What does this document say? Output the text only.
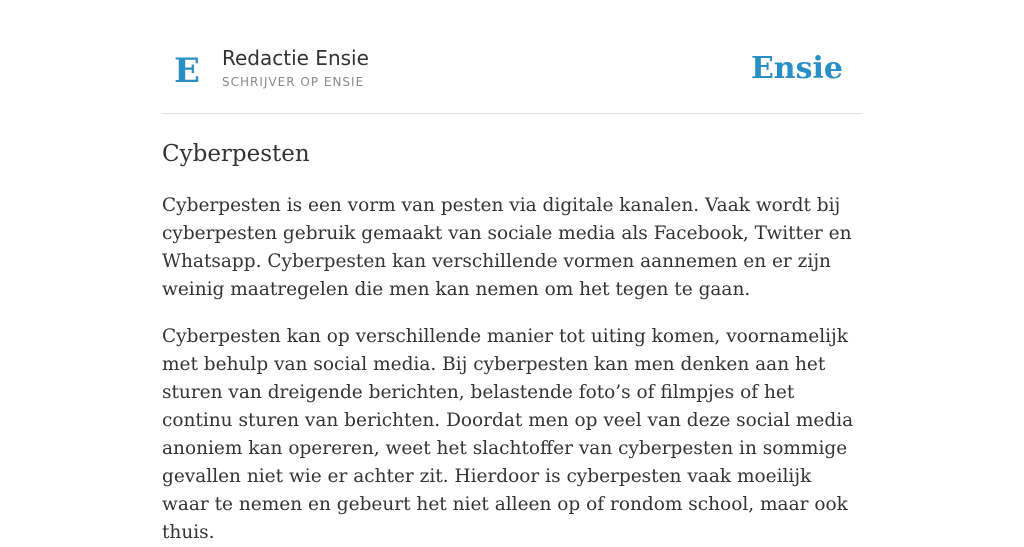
E Redactie Ensie
SCHRIJVER OP ENSIE	Ensie
Cyberpesten

Cyberpesten is een vorm van pesten via digitale kanalen. Vaak wordt bij cyberpesten gebruik gemaakt van sociale media als Facebook, Twitter en Whatsapp. Cyberpesten kan verschillende vormen aannemen en er zijn weinig maatregelen die men kan nemen om het tegen te gaan.

Cyberpesten kan op verschillende manier tot uiting komen, voornamelijk met behulp van social media. Bij cyberpesten kan men denken aan het sturen van dreigende berichten, belastende foto’s of filmpjes of het continu sturen van berichten. Doordat men op veel van deze social media anoniem kan opereren, weet het slachtoffer van cyberpesten in sommige gevallen niet wie er achter zit. Hierdoor is cyberpesten vaak moeilijk waar te nemen en gebeurt het niet alleen op of rondom school, maar ook thuis.
